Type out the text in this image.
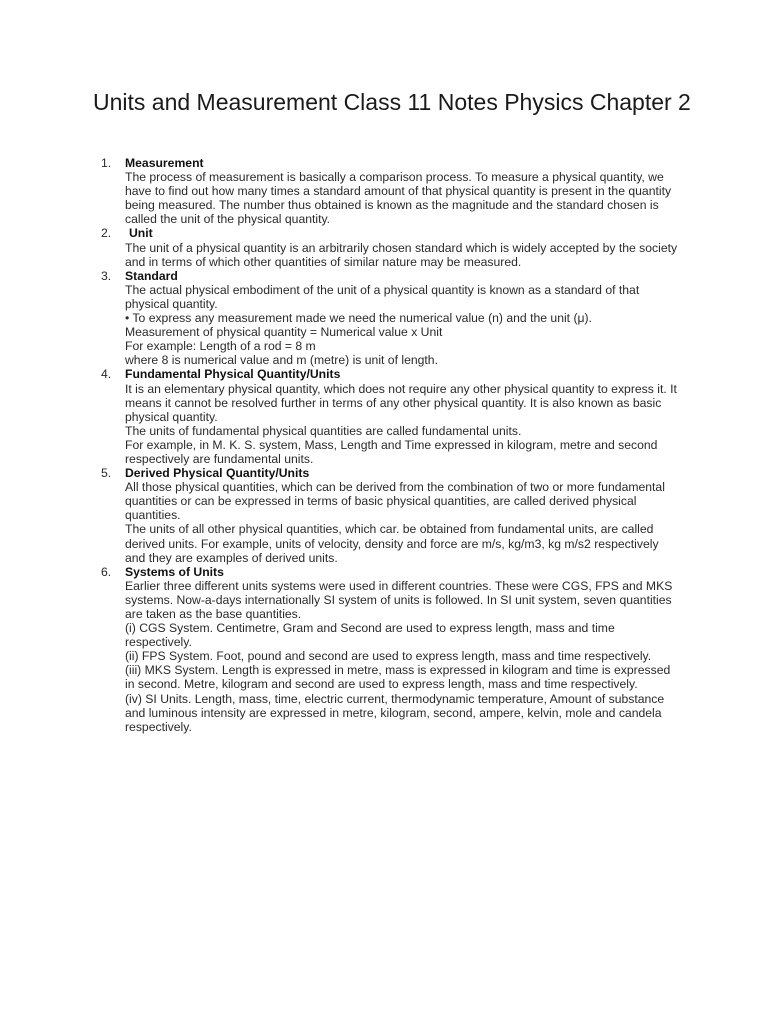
Units and Measurement Class 11 Notes Physics Chapter 2
1.	Measurement
The process of measurement is basically a comparison process. To measure a physical quantity, we have to find out how many times a standard amount of that physical quantity is present in the quantity being measured. The number thus obtained is known as the magnitude and the standard chosen is called the unit of the physical quantity.
2.	Unit
The unit of a physical quantity is an arbitrarily chosen standard which is widely accepted by the society and in terms of which other quantities of similar nature may be measured.
3.	Standard
The actual physical embodiment of the unit of a physical quantity is known as a standard of that physical quantity.
• To express any measurement made we need the numerical value (n) and the unit (μ).
Measurement of physical quantity = Numerical value x Unit
For example: Length of a rod = 8 m
where 8 is numerical value and m (metre) is unit of length.
4.	Fundamental Physical Quantity/Units
It is an elementary physical quantity, which does not require any other physical quantity to express it. It means it cannot be resolved further in terms of any other physical quantity. It is also known as basic physical quantity.
The units of fundamental physical quantities are called fundamental units.
For example, in M. K. S. system, Mass, Length and Time expressed in kilogram, metre and second respectively are fundamental units.
5.	Derived Physical Quantity/Units
All those physical quantities, which can be derived from the combination of two or more fundamental quantities or can be expressed in terms of basic physical quantities, are called derived physical quantities.
The units of all other physical quantities, which car. be obtained from fundamental units, are called derived units. For example, units of velocity, density and force are m/s, kg/m3, kg m/s2 respectively and they are examples of derived units.
6.	Systems of Units
Earlier three different units systems were used in different countries. These were CGS, FPS and MKS systems. Now-a-days internationally SI system of units is followed. In SI unit system, seven quantities are taken as the base quantities.
(i) CGS System. Centimetre, Gram and Second are used to express length, mass and time respectively.
(ii) FPS System. Foot, pound and second are used to express length, mass and time respectively.
(iii) MKS System. Length is expressed in metre, mass is expressed in kilogram and time is expressed in second. Metre, kilogram and second are used to express length, mass and time respectively.
(iv) SI Units. Length, mass, time, electric current, thermodynamic temperature, Amount of substance and luminous intensity are expressed in metre, kilogram, second, ampere, kelvin, mole and candela respectively.
